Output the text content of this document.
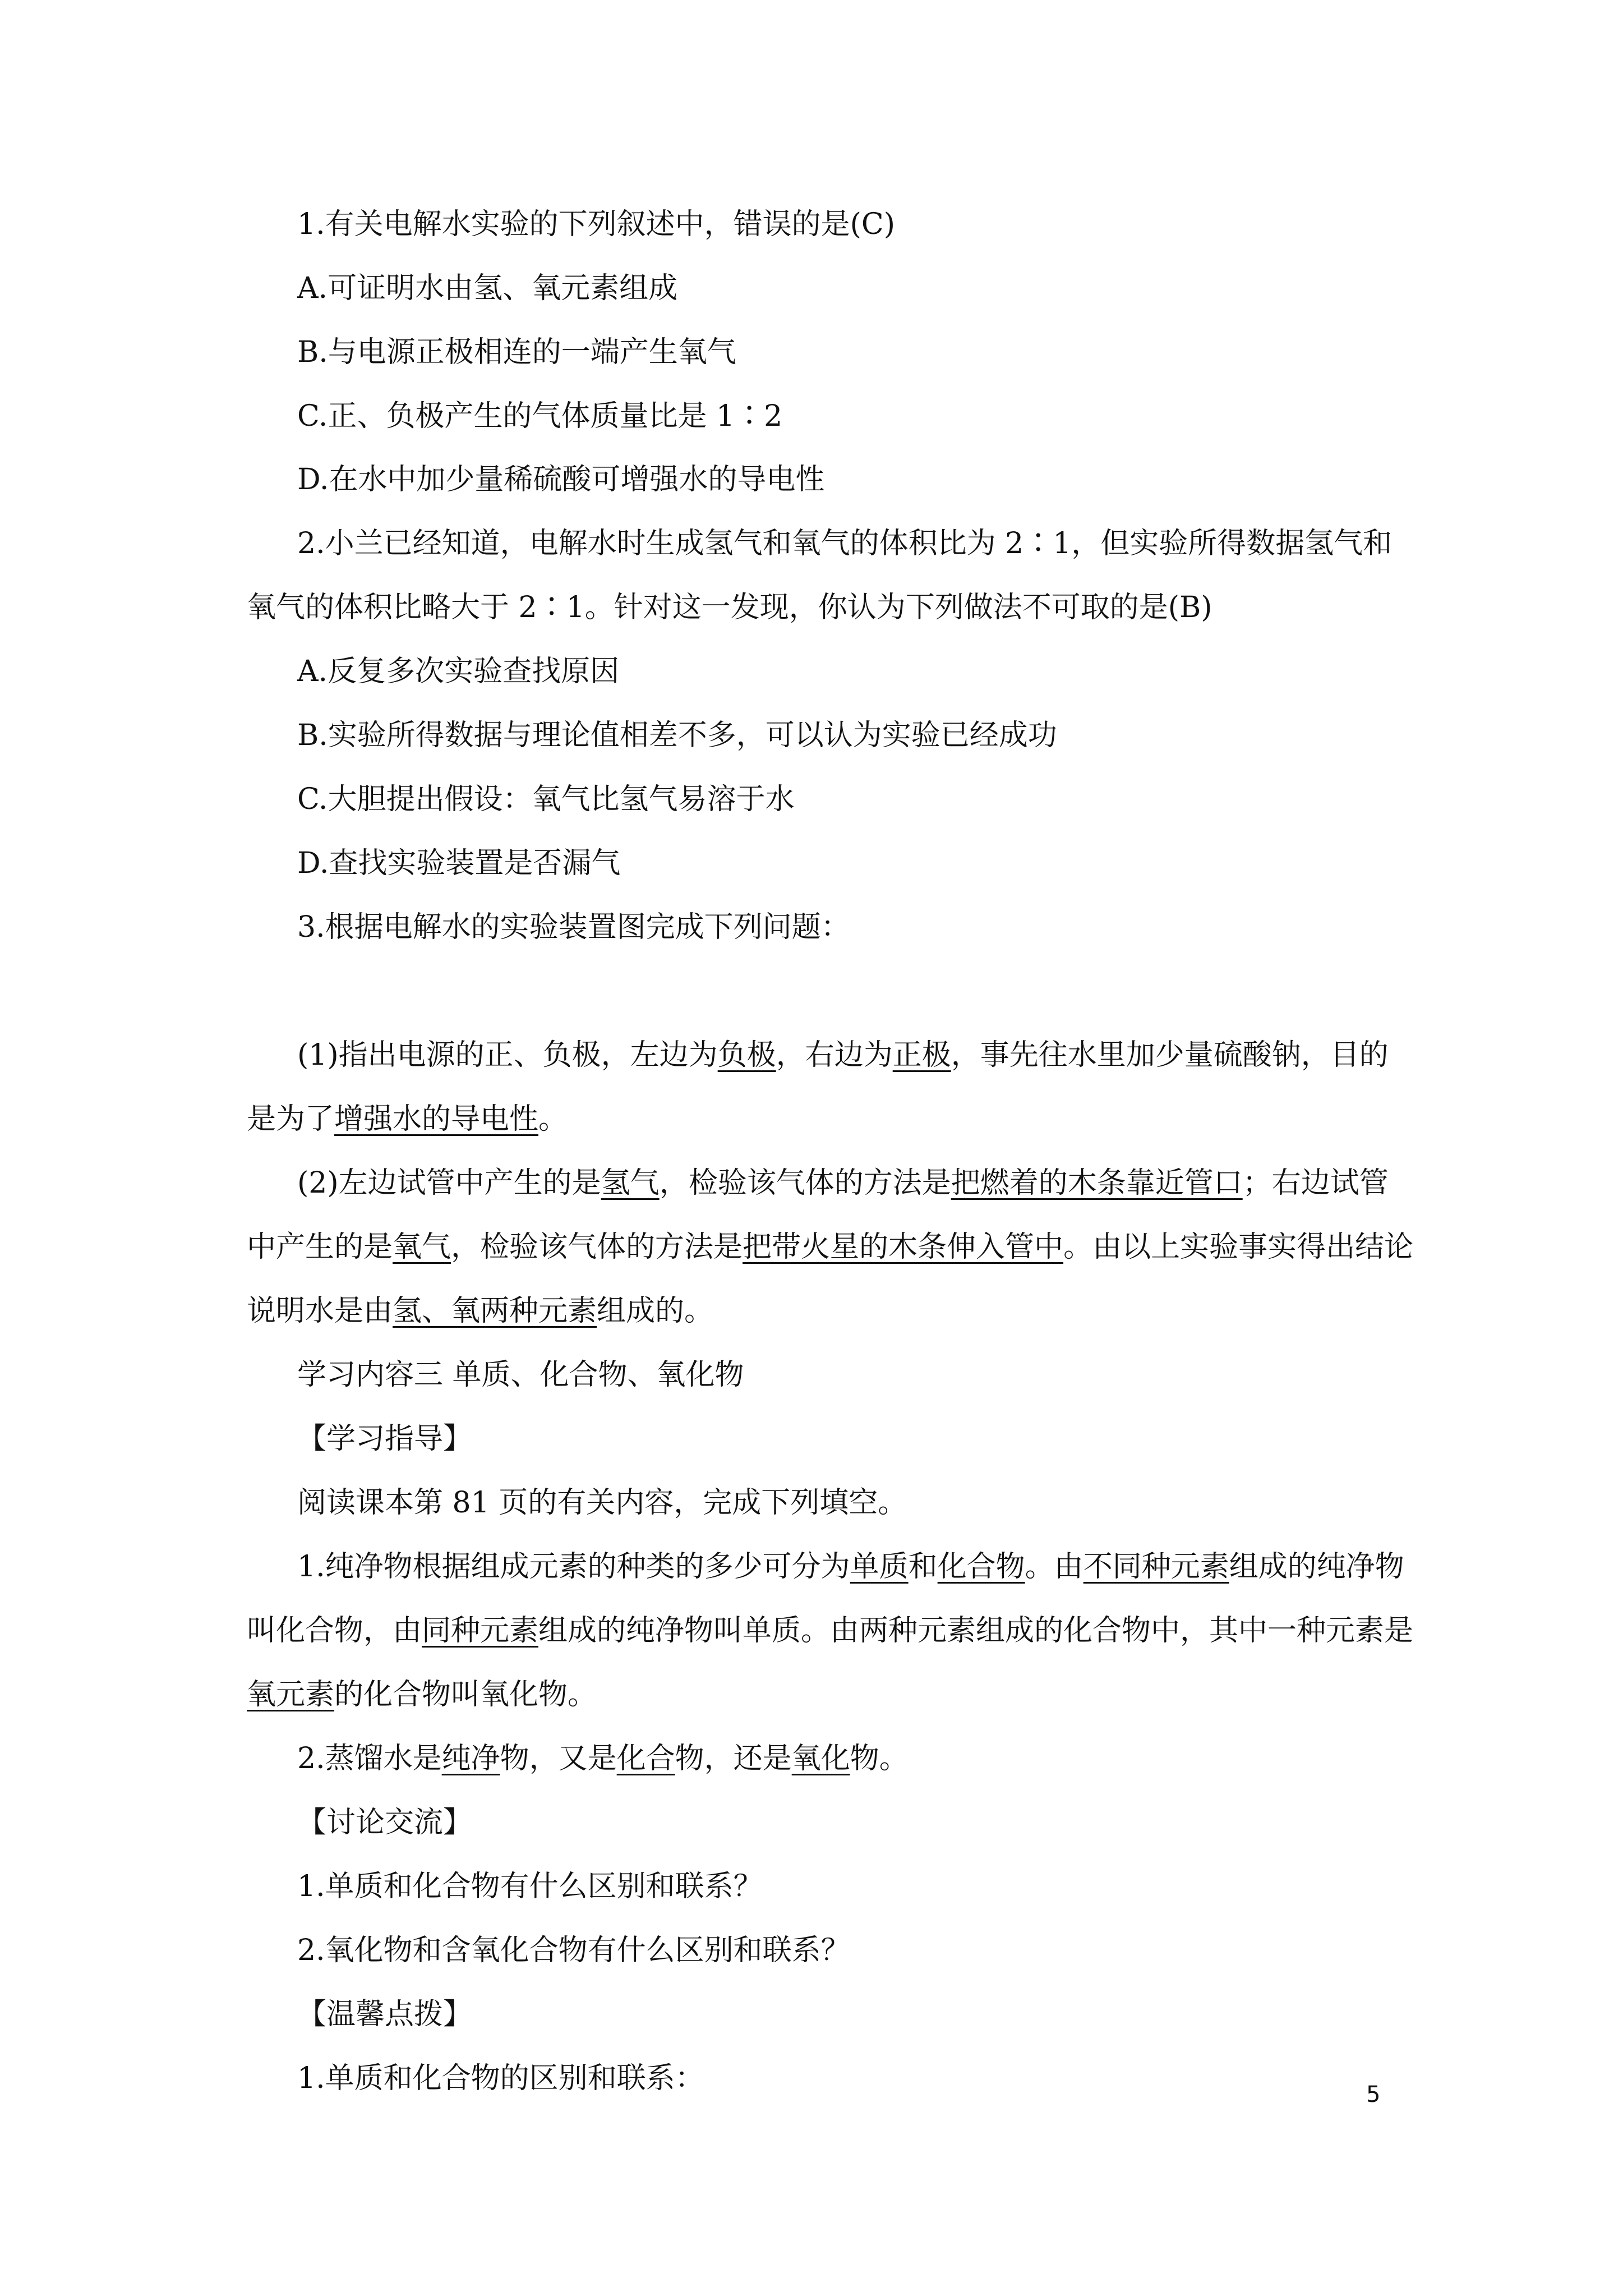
1.有关电解水实验的下列叙述中，错误的是(C)

A.可证明水由氢、氧元素组成

B.与电源正极相连的一端产生氧气

C.正、负极产生的气体质量比是 1∶2

D.在水中加少量稀硫酸可增强水的导电性

2.小兰已经知道，电解水时生成氢气和氧气的体积比为 2∶1，但实验所得数据氢气和

氧气的体积比略大于 2∶1。针对这一发现，你认为下列做法不可取的是(B)

A.反复多次实验查找原因

B.实验所得数据与理论值相差不多，可以认为实验已经成功

C.大胆提出假设：氧气比氢气易溶于水

D.查找实验装置是否漏气

3.根据电解水的实验装置图完成下列问题：

(1)指出电源的正、负极，左边为负极，右边为正极，事先往水里加少量硫酸钠，目的

是为了增强水的导电性。

(2)左边试管中产生的是氢气，检验该气体的方法是把燃着的木条靠近管口；右边试管

中产生的是氧气，检验该气体的方法是把带火星的木条伸入管中。由以上实验事实得出结论

说明水是由氢、氧两种元素组成的。

学习内容三 单质、化合物、氧化物

【学习指导】

阅读课本第 81 页的有关内容，完成下列填空。

1.纯净物根据组成元素的种类的多少可分为单质和化合物。由不同种元素组成的纯净物

叫化合物，由同种元素组成的纯净物叫单质。由两种元素组成的化合物中，其中一种元素是

氧元素的化合物叫氧化物。

2.蒸馏水是纯净物，又是化合物，还是氧化物。

【讨论交流】

1.单质和化合物有什么区别和联系？

2.氧化物和含氧化合物有什么区别和联系？

【温馨点拨】

1.单质和化合物的区别和联系：	5
